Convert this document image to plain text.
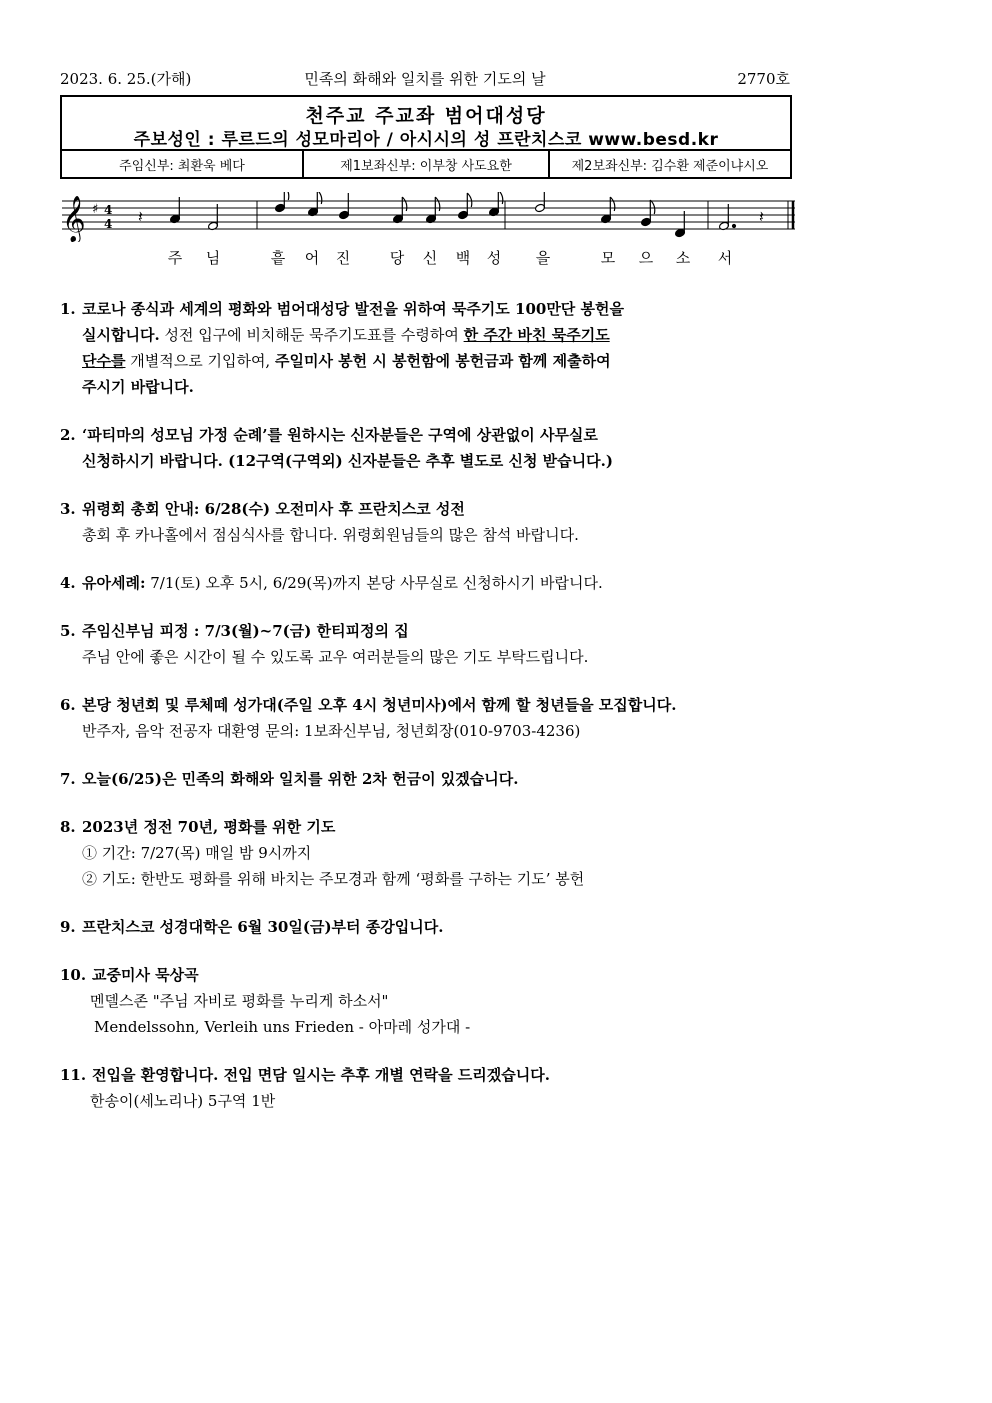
2023. 6. 25.(가해)	민족의 화해와 일치를 위한 기도의 날	2770호
천주교 주교좌 범어대성당
주보성인 : 루르드의 성모마리아 / 아시시의 성 프란치스코 www.besd.kr
주임신부: 최환욱 베다	제1보좌신부: 이부창 사도요한	제2보좌신부: 김수환 제준이냐시오
𝄞 ♯ 4
4 𝄽	𝄽
주 님	흩 어 진	당 신 백 성 을	모 으 소 서
1. 코로나 종식과 세계의 평화와 범어대성당 발전을 위하여 묵주기도 100만단 봉헌을

실시합니다. 성전 입구에 비치해둔 묵주기도표를 수령하여 한 주간 바친 묵주기도

단수를 개별적으로 기입하여, 주일미사 봉헌 시 봉헌함에 봉헌금과 함께 제출하여

주시기 바랍니다.

2. ‘파티마의 성모님 가정 순례’를 원하시는 신자분들은 구역에 상관없이 사무실로

신청하시기 바랍니다. (12구역(구역외) 신자분들은 추후 별도로 신청 받습니다.)

3. 위령회 총회 안내: 6/28(수) 오전미사 후 프란치스코 성전

총회 후 카나홀에서 점심식사를 합니다. 위령회원님들의 많은 참석 바랍니다.

4. 유아세례: 7/1(토) 오후 5시, 6/29(목)까지 본당 사무실로 신청하시기 바랍니다.
5. 주임신부님 피정 : 7/3(월)~7(금) 한티피정의 집

주님 안에 좋은 시간이 될 수 있도록 교우 여러분들의 많은 기도 부탁드립니다.

6. 본당 청년회 및 루체떼 성가대(주일 오후 4시 청년미사)에서 함께 할 청년들을 모집합니다.

반주자, 음악 전공자 대환영 문의: 1보좌신부님, 청년회장(010-9703-4236)

7. 오늘(6/25)은 민족의 화해와 일치를 위한 2차 헌금이 있겠습니다.
8. 2023년 정전 70년, 평화를 위한 기도

① 기간: 7/27(목) 매일 밤 9시까지

② 기도: 한반도 평화를 위해 바치는 주모경과 함께 ‘평화를 구하는 기도’ 봉헌

9. 프란치스코 성경대학은 6월 30일(금)부터 종강입니다.
10. 교중미사 묵상곡

멘델스존 "주님 자비로 평화를 누리게 하소서"

Mendelssohn, Verleih uns Frieden - 아마레 성가대 -

11. 전입을 환영합니다. 전입 면담 일시는 추후 개별 연락을 드리겠습니다.

한송이(세노리나) 5구역 1반
